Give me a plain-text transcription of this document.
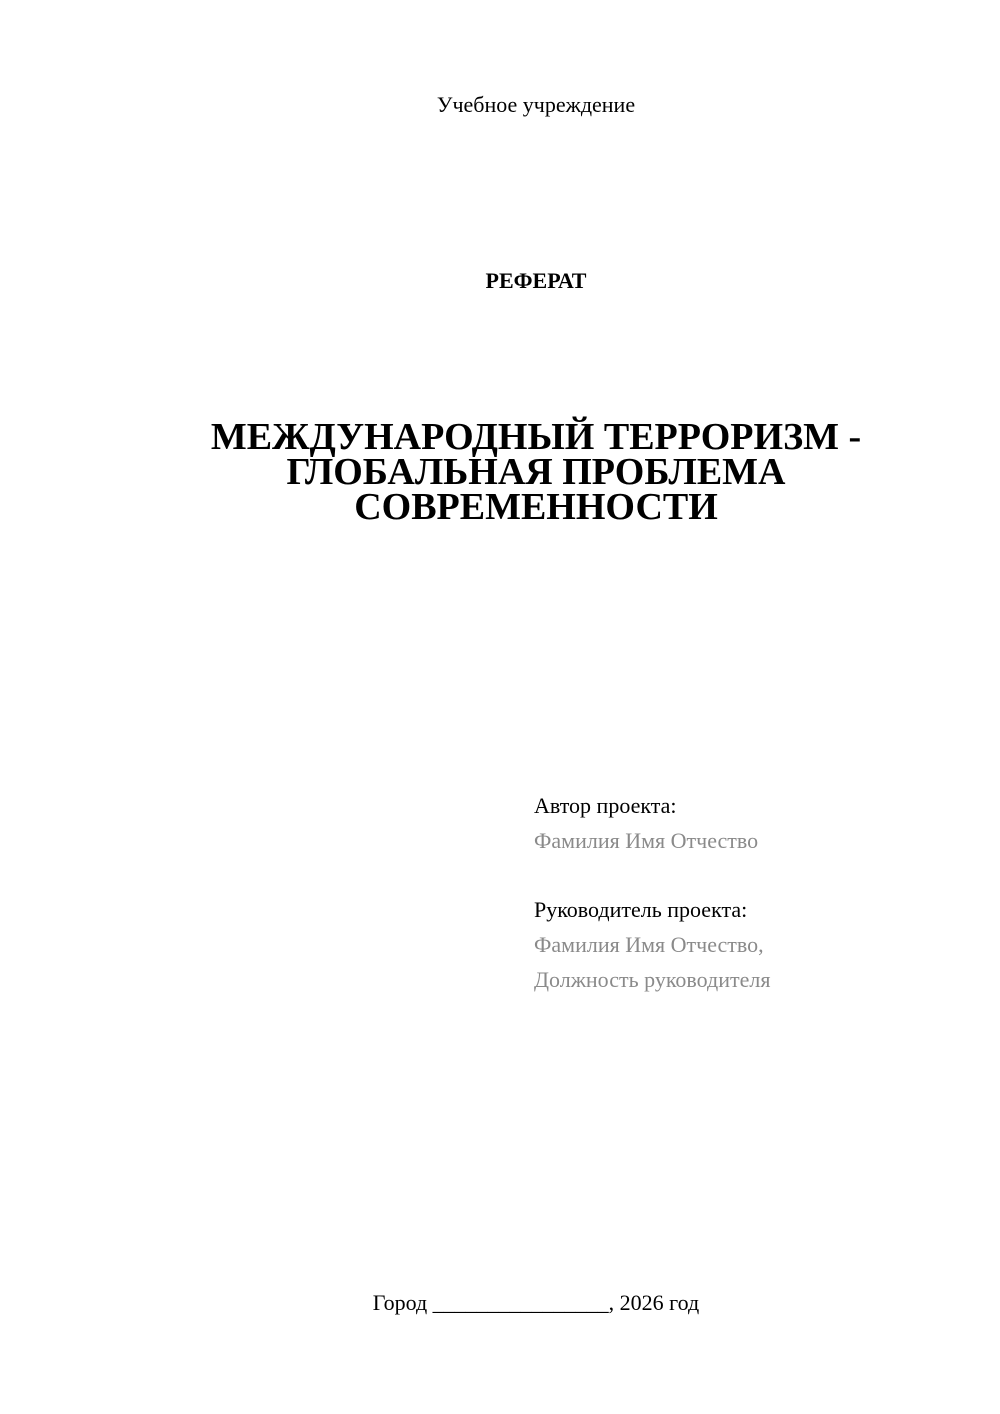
Учебное учреждение
РЕФЕРАТ
МЕЖДУНАРОДНЫЙ ТЕРРОРИЗМ -
ГЛОБАЛЬНАЯ ПРОБЛЕМА
СОВРЕМЕННОСТИ
Автор проекта:
Фамилия Имя Отчество
Руководитель проекта:
Фамилия Имя Отчество,
Должность руководителя
Город ________________, 2026 год
